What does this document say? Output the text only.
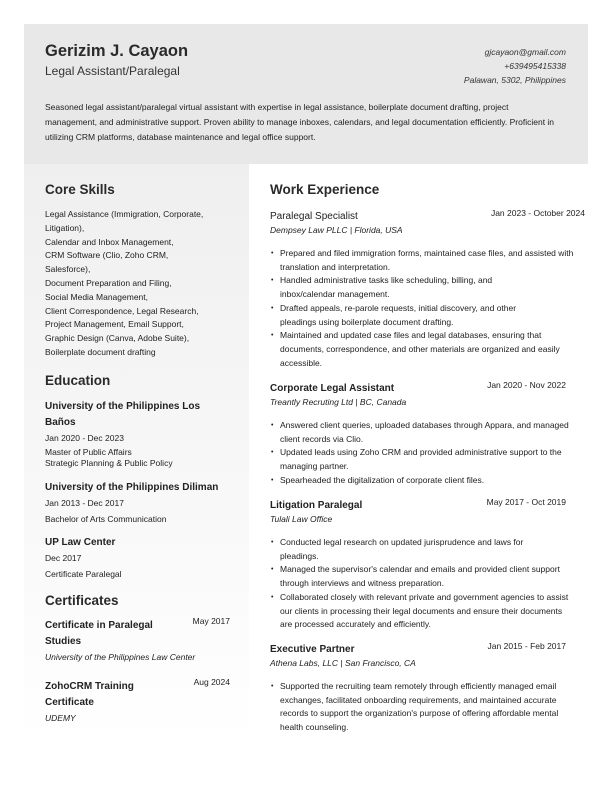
Gerizim J. Cayaon
Legal Assistant/Paralegal
gjcayaon@gmail.com
+639495415338
Palawan, 5302, Philippines
Seasoned legal assistant/paralegal virtual assistant with expertise in legal assistance, boilerplate document drafting, project management, and administrative support. Proven ability to manage inboxes, calendars, and legal documentation efficiently. Proficient in utilizing CRM platforms, database maintenance and legal office support.
Core Skills
Legal Assistance (Immigration, Corporate, Litigation),
Calendar and Inbox Management,
CRM Software (Clio, Zoho CRM, Salesforce),
Document Preparation and Filing,
Social Media Management,
Client Correspondence, Legal Research,
Project Management, Email Support,
Graphic Design (Canva, Adobe Suite),
Boilerplate document drafting
Education
University of the Philippines Los Baños
Jan 2020 - Dec 2023
Master of Public Affairs
Strategic Planning & Public Policy
University of the Philippines Diliman
Jan 2013 - Dec 2017
Bachelor of Arts Communication
UP Law Center
Dec 2017
Certificate Paralegal
Certificates
Certificate in Paralegal Studies
May 2017
University of the Philippines Law Center
ZohoCRM Training Certificate
Aug 2024
UDEMY
Work Experience
Paralegal Specialist	Jan 2023 - October 2024
Dempsey Law PLLC | Florida, USA
• Prepared and filed immigration forms, maintained case files, and assisted with translation and interpretation.
• Handled administrative tasks like scheduling, billing, and inbox/calendar management.
• Drafted appeals, re-parole requests, initial discovery, and other pleadings using boilerplate document drafting.
• Maintained and updated case files and legal databases, ensuring that documents, correspondence, and other materials are organized and easily accessible.
Corporate Legal Assistant	Jan 2020 - Nov 2022
Treantly Recruting Ltd | BC, Canada
• Answered client queries, uploaded databases through Appara, and managed client records via Clio.
• Updated leads using Zoho CRM and provided administrative support to the managing partner.
• Spearheaded the digitalization of corporate client files.
Litigation Paralegal	May 2017 - Oct 2019
Tulali Law Office
• Conducted legal research on updated jurisprudence and laws for pleadings.
• Managed the supervisor's calendar and emails and provided client support through interviews and witness preparation.
• Collaborated closely with relevant private and government agencies to assist our clients in processing their legal documents and ensure their documents are processed accurately and efficiently.
Executive Partner	Jan 2015 - Feb 2017
Athena Labs, LLC | San Francisco, CA
• Supported the recruiting team remotely through efficiently managed email exchanges, facilitated onboarding requirements, and maintained accurate records to support the organization's purpose of offering affordable mental health counseling.
